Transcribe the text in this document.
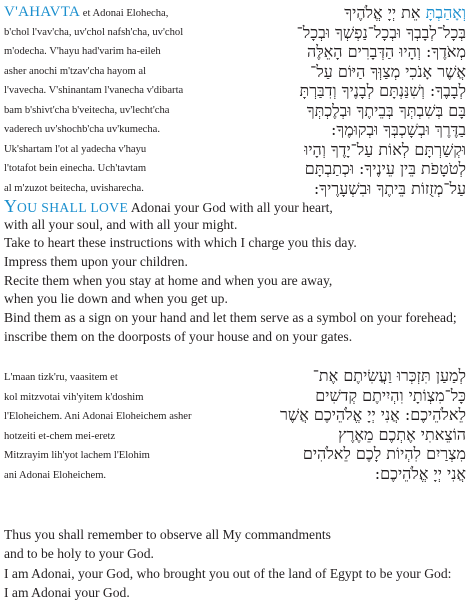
V'AHAVTA et Adonai Elohecha,
b'chol l'vav'cha, uv'chol nafsh'cha, uv'chol
m'odecha. V'hayu had'varim ha-eileh
asher anochi m'tzav'cha hayom al
l'vavecha. V'shinantam l'vanecha v'dibarta
bam b'shivt'cha b'veitecha, uv'lecht'cha
vaderech uv'shochb'cha uv'kumecha.
Uk'shartam l'ot al yadecha v'hayu
l'totafot bein einecha. Uch'tavtam
al m'zuzot beitecha, uvisharecha.
וְאָהַבְתָּ אֵת יְיָ אֱלֹהֶיךָ
בְּכָל־לְבָבְךָ וּבְכָל־נַפְשְׁךָ וּבְכָל־
מְאֹדֶךָ: וְהָיוּ הַדְּבָרִים הָאֵלֶּה
אֲשֶׁר אָנֹכִי מְצַוְּךָ הַיּוֹם עַל־
לְבָבֶךָ: וְשִׁנַּנְתָּם לְבָנֶיךָ וְדִבַּרְתָּ
בָּם בְּשִׁבְתְּךָ בְּבֵיתֶךָ וּבְלֶכְתְּךָ
בַדֶּרֶךְ וּבְשָׁכְבְּךָ וּבְקוּמֶךָ:
וּקְשַׁרְתָּם לְאוֹת עַל־יָדֶךָ וְהָיוּ
לְטֹטָפֹת בֵּין עֵינֶיךָ: וּכְתַבְתָּם
עַל־מְזֻזוֹת בֵּיתֶךָ וּבִשְׁעָרֶיךָ:
YOU SHALL LOVE Adonai your God with all your heart,
with all your soul, and with all your might.
Take to heart these instructions with which I charge you this day.
Impress them upon your children.
Recite them when you stay at home and when you are away,
when you lie down and when you get up.
Bind them as a sign on your hand and let them serve as a symbol on your forehead;
inscribe them on the doorposts of your house and on your gates.
L'maan tizk'ru, vaasitem et
kol mitzvotai vih'yitem k'doshim
l'Eloheichem. Ani Adonai Eloheichem asher
hotzeiti et-chem mei-eretz
Mitzrayim lih'yot lachem l'Elohim
ani Adonai Eloheichem.
לְמַעַן תִּזְכְּרוּ וַעֲשִׂיתֶם אֶת־
כָּל־מִצְוֹתָי וִהְיִיתֶם קְדשִׁים
לֵאלֹהֵיכֶם: אֲנִי יְיָ אֱלֹהֵיכֶם אֲשֶׁר
הוֹצֵאתִי אֶתְכֶם מֵאֶרֶץ
מִצְרַיִם לִהְיוֹת לָכֶם לֵאלֹהִים
אֲנִי יְיָ אֱלֹהֵיכֶם:
Thus you shall remember to observe all My commandments
and to be holy to your God.
I am Adonai, your God, who brought you out of the land of Egypt to be your God:
I am Adonai your God.
